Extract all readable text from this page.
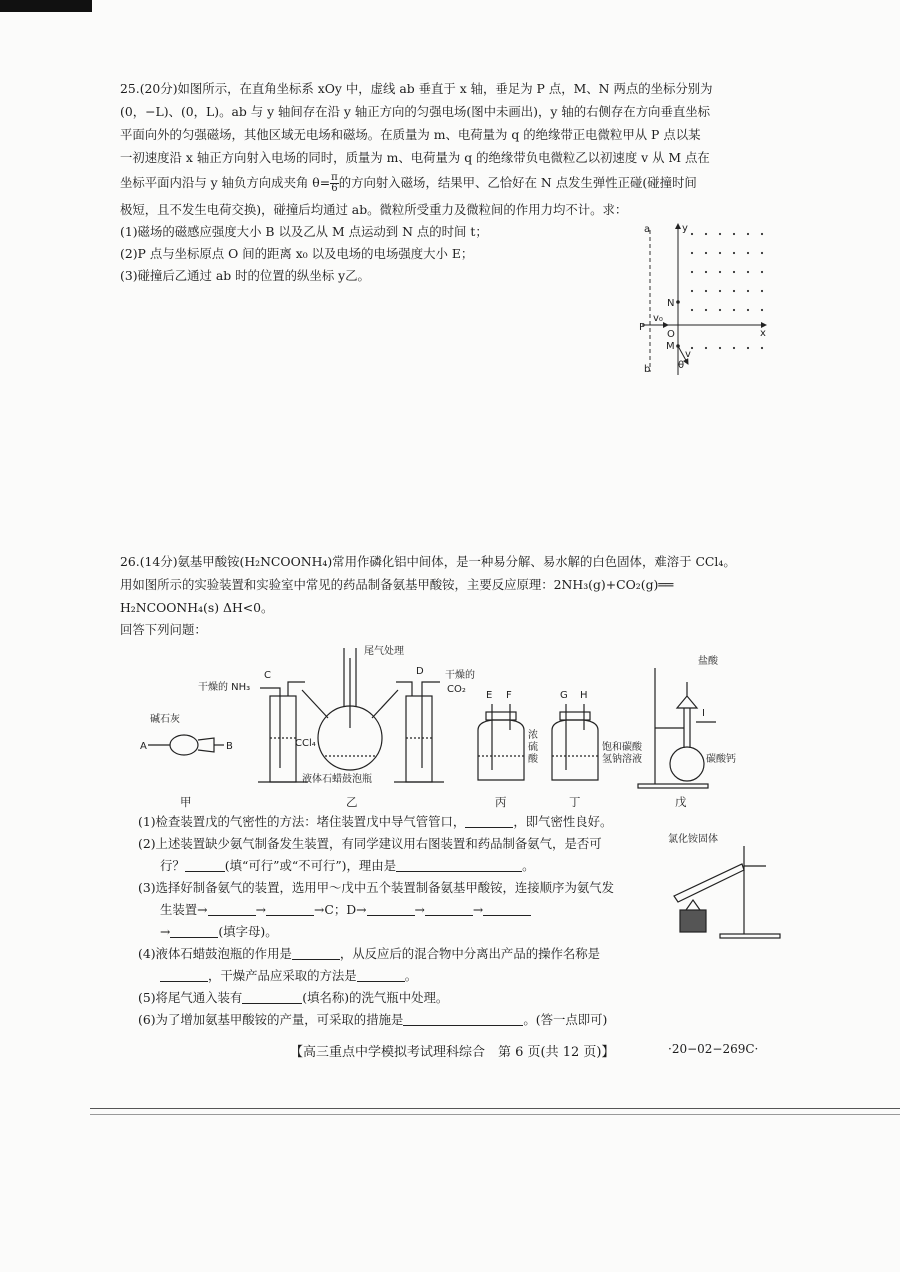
25.(20分)如图所示，在直角坐标系 xOy 中，虚线 ab 垂直于 x 轴，垂足为 P 点，M、N 两点的坐标分别为

(0，−L)、(0，L)。ab 与 y 轴间存在沿 y 轴正方向的匀强电场(图中未画出)，y 轴的右侧存在方向垂直坐标

平面向外的匀强磁场，其他区域无电场和磁场。在质量为 m、电荷量为 q 的绝缘带正电微粒甲从 P 点以某

一初速度沿 x 轴正方向射入电场的同时，质量为 m、电荷量为 q 的绝缘带负电微粒乙以初速度 v 从 M 点在

坐标平面内沿与 y 轴负方向成夹角 $\theta= \frac{\pi}{6}$ 的方向射入磁场，结果甲、乙恰好在 N 点发生弹性正碰(碰撞时间

极短，且不发生电荷交换)，碰撞后均通过 ab。微粒所受重力及微粒间的作用力均不计。求：

(1)磁场的磁感应强度大小 B 以及乙从 M 点运动到 N 点的时间 t；

(2)P 点与坐标原点 O 间的距离 x₀ 以及电场的电场强度大小 E；

(3)碰撞后乙通过 ab 时的位置的纵坐标 y乙。

a
b
y
x
N
P
O
M
v₀
v
θ

26.(14分)氨基甲酸铵(H₂NCOONH₄)常用作磷化铝中间体，是一种易分解、易水解的白色固体，难溶于 CCl₄。

用如图所示的实验装置和实验室中常见的药品制备氨基甲酸铵，主要反应原理：2NH₃(g)+CO₂(g)══

H₂NCOONH₄(s) ΔH<0。

回答下列问题：

尾气处理
C	D
干燥的 NH₃
干燥的
CO₂
碱石灰
A	B	CCl₄
液体石蜡鼓泡瓶
E F	G H
浓
硫
酸
饱和碳酸
氢钠溶液
盐酸
I
碳酸钙
甲	乙	丙	丁	戊
氯化铵固体

(1)检查装置戊的气密性的方法：堵住装置戊中导气管管口，	，即气密性良好。

(2)上述装置缺少氨气制备发生装置，有同学建议用右图装置和药品制备氨气，是否可

行？	(填“可行”或“不可行”)，理由是	。

(3)选择好制备氨气的装置，选用甲～戊中五个装置制备氨基甲酸铵，连接顺序为氨气发

生装置→	→	→C；D→	→	→

→	(填字母)。

(4)液体石蜡鼓泡瓶的作用是	，从反应后的混合物中分离出产品的操作名称是

，干燥产品应采取的方法是	。

(5)将尾气通入装有	(填名称)的洗气瓶中处理。

(6)为了增加氨基甲酸铵的产量，可采取的措施是	。(答一点即可)

【高三重点中学模拟考试理科综合　第 6 页(共 12 页)】	·20−02−269C·
